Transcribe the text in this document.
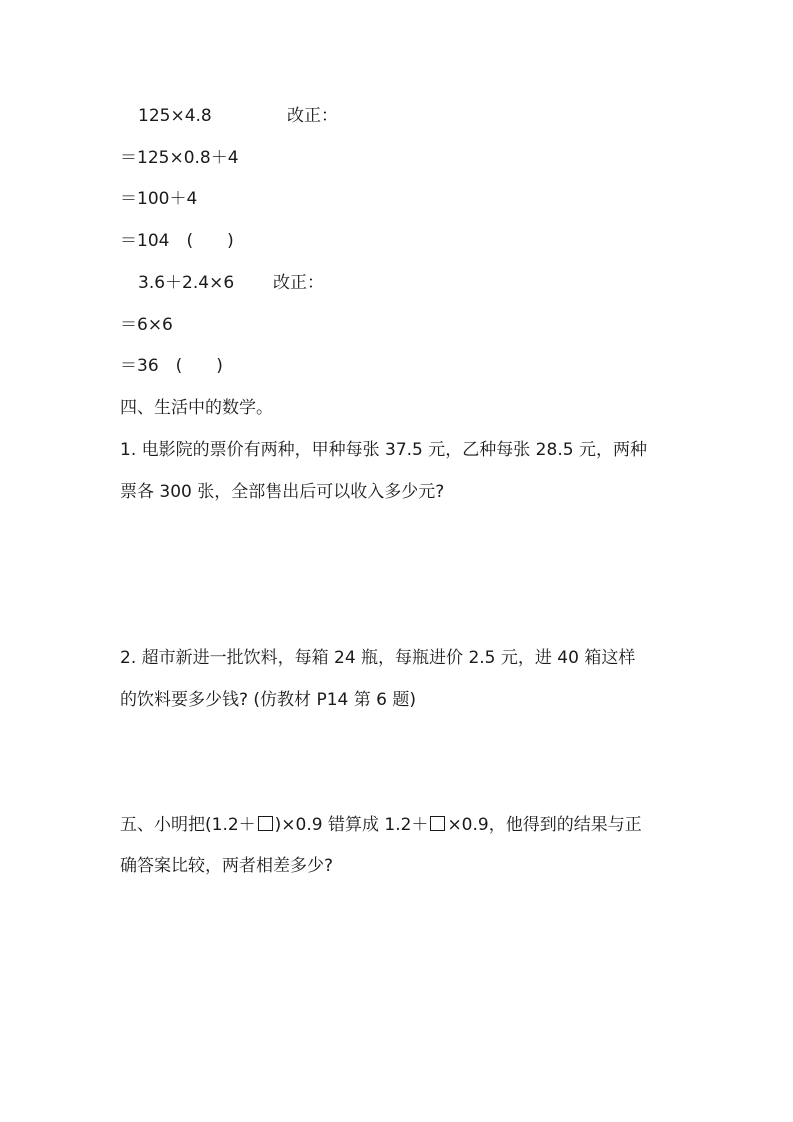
125×4.8	改正：
＝125×0.8＋4
＝100＋4
＝104　(　　)
3.6＋2.4×6 改正：
＝6×6
＝36　(　　)
四、生活中的数学。
1. 电影院的票价有两种，甲种每张 37.5 元，乙种每张 28.5 元，两种
票各 300 张，全部售出后可以收入多少元?
2. 超市新进一批饮料，每箱 24 瓶，每瓶进价 2.5 元，进 40 箱这样
的饮料要多少钱? (仿教材 P14 第 6 题)
五、小明把(1.2＋ )×0.9 错算成 1.2＋ ×0.9，他得到的结果与正
确答案比较，两者相差多少?
